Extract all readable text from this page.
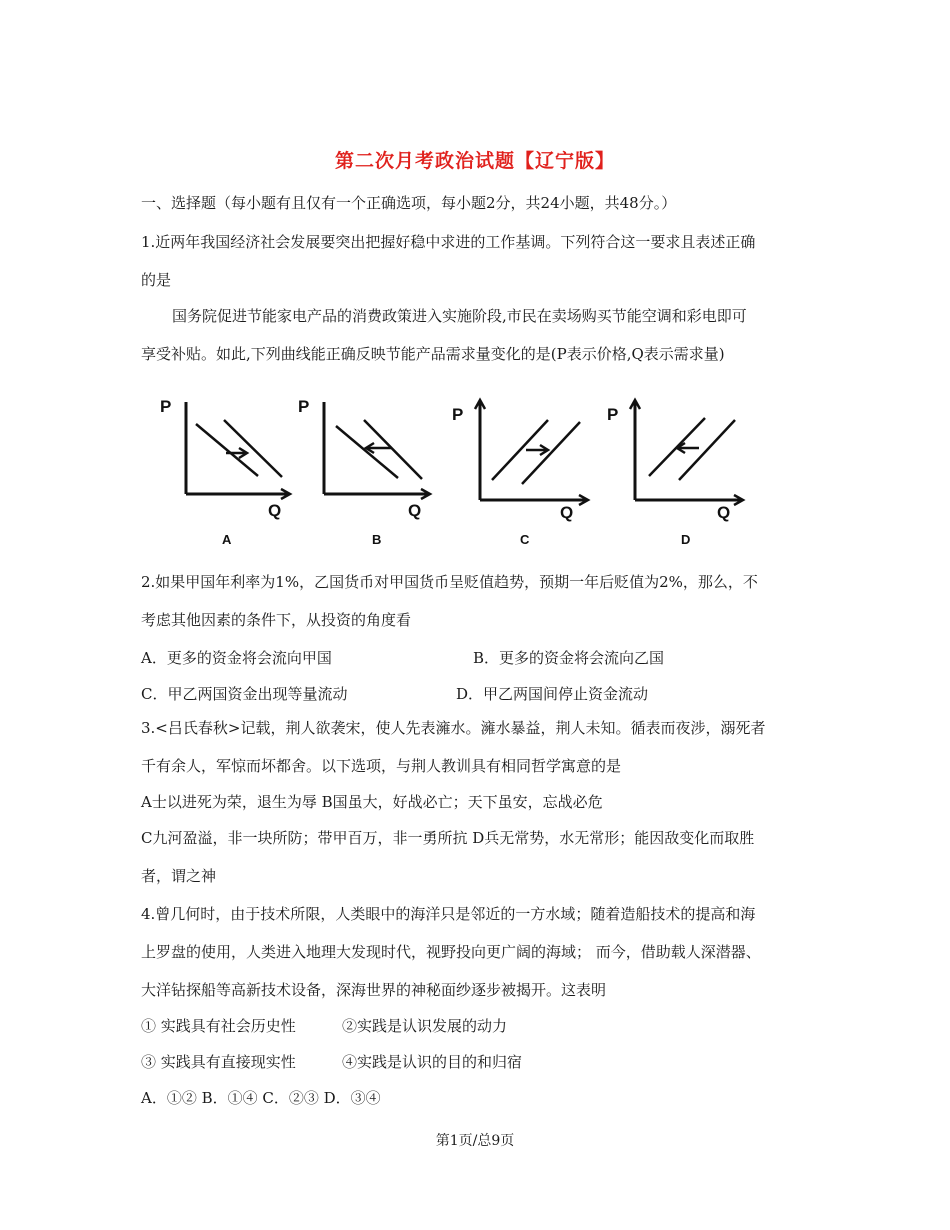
第二次月考政治试题【辽宁版】
一、选择题（每小题有且仅有一个正确选项，每小题2分，共24小题，共48分。）
1.近两年我国经济社会发展要突出把握好稳中求进的工作基调。下列符合这一要求且表述正确
的是
国务院促进节能家电产品的消费政策进入实施阶段,市民在卖场购买节能空调和彩电即可
享受补贴。如此,下列曲线能正确反映节能产品需求量变化的是(P表示价格,Q表示需求量)
P
Q
A
P
Q
B
P
Q
C
P
Q
D
2.如果甲国年利率为1%，乙国货币对甲国货币呈贬值趋势，预期一年后贬值为2%，那么，不
考虑其他因素的条件下，从投资的角度看
A．更多的资金将会流向甲国	B．更多的资金将会流向乙国
C．甲乙两国资金出现等量流动	D．甲乙两国间停止资金流动
3.<吕氏春秋>记载，荆人欲袭宋，使人先表澭水。澭水暴益，荆人未知。循表而夜涉，溺死者
千有余人，军惊而坏都舍。以下选项，与荆人教训具有相同哲学寓意的是
A士以进死为荣，退生为辱 B国虽大，好战必亡；天下虽安，忘战必危
C九河盈溢，非一块所防；带甲百万，非一勇所抗 D兵无常势，水无常形；能因敌变化而取胜
者，谓之神
4.曾几何时，由于技术所限，人类眼中的海洋只是邻近的一方水域；随着造船技术的提高和海
上罗盘的使用，人类进入地理大发现时代，视野投向更广阔的海域； 而今，借助载人深潜器、
大洋钻探船等高新技术设备，深海世界的神秘面纱逐步被揭开。这表明
① 实践具有社会历史性	②实践是认识发展的动力
③ 实践具有直接现实性	④实践是认识的目的和归宿
A．①② B．①④ C．②③ D．③④
第1页/总9页
